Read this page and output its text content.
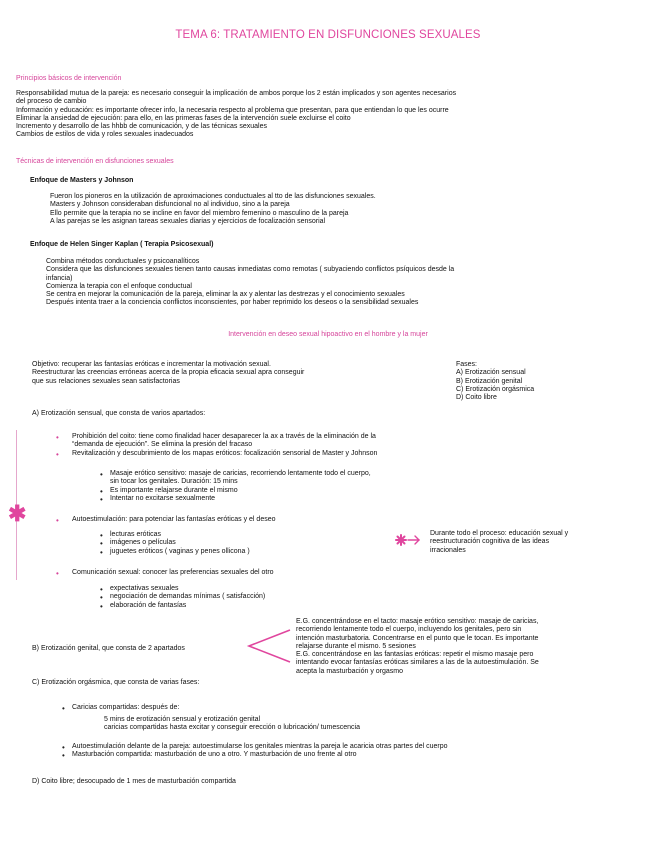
TEMA 6: TRATAMIENTO EN DISFUNCIONES SEXUALES
Principios básicos de intervención
Responsabilidad mutua de la pareja: es necesario conseguir la implicación de ambos porque los 2 están implicados y son agentes necesarios
del proceso de cambio
Información y educación: es importante ofrecer info, la necesaria respecto al problema que presentan, para que entiendan lo que les ocurre
Eliminar la ansiedad de ejecución: para ello, en las primeras fases de la intervención suele excluirse el coito
Incremento y desarrollo de las hhbb de comunicación, y de las técnicas sexuales
Cambios de estilos de vida y roles sexuales inadecuados
Técnicas de intervención en disfunciones sexuales
Enfoque de Masters y Johnson
Fueron los pioneros en la utilización de aproximaciones conductuales al tto de las disfunciones sexuales.
Masters y Johnson consideraban disfuncional no al individuo, sino a la pareja
Ello permite que la terapia no se incline en favor del miembro femenino o masculino de la pareja
A las parejas se les asignan tareas sexuales diarias y ejercicios de focalización sensorial
Enfoque de Helen Singer Kaplan ( Terapia Psicosexual)
Combina métodos conductuales y psicoanalíticos
Considera que las disfunciones sexuales tienen tanto causas inmediatas como remotas ( subyaciendo conflictos psíquicos desde la
infancia)
Comienza la terapia con el enfoque conductual
Se centra en mejorar la comunicación de la pareja, eliminar la ax y alentar las destrezas y el conocimiento sexuales
Después intenta traer a la conciencia conflictos inconscientes, por haber reprimido los deseos o la sensibilidad sexuales
Intervención en deseo sexual hipoactivo en el hombre y la mujer
Objetivo: recuperar las fantasías eróticas e incrementar la motivación sexual.
Reestructurar las creencias erróneas acerca de la propia eficacia sexual apra conseguir
que sus relaciones sexuales sean satisfactorias
Fases:
A) Erotización sensual
B) Erotización genital
C) Erotización orgásmica
D) Coito libre
A) Erotización sensual, que consta de varios apartados:
✱
• Prohibición del coito: tiene como finalidad hacer desaparecer la ax a través de la eliminación de la
“demanda de ejecución”. Se elimina la presión del fracaso
• Revitalización y descubrimiento de los mapas eróticos: focalización sensorial de Master y Johnson
• Masaje erótico sensitivo: masaje de caricias, recorriendo lentamente todo el cuerpo,
sin tocar los genitales. Duración: 15 mins
• Es importante relajarse durante el mismo
• Intentar no excitarse sexualmente
• Autoestimulación: para potenciar las fantasías eróticas y el deseo
• lecturas eróticas
• imágenes o películas
• juguetes eróticos ( vaginas y penes ollicona )
Durante todo el proceso: educación sexual y
reestructuración cognitiva de las ideas
irracionales
• Comunicación sexual: conocer las preferencias sexuales del otro
• expectativas sexuales
• negociación de demandas mínimas ( satisfacción)
• elaboración de fantasías
B) Erotización genital, que consta de 2 apartados
E.G. concentrándose en el tacto: masaje erótico sensitivo: masaje de caricias,
recorriendo lentamente todo el cuerpo, incluyendo los genitales, pero sin
intención masturbatoria. Concentrarse en el punto que le tocan. Es importante
relajarse durante el mismo. 5 sesiones
E.G. concentrándose en las fantasías eróticas: repetir el mismo masaje pero
intentando evocar fantasías eróticas similares a las de la autoestimulación. Se
acepta la masturbación y orgasmo
C) Erotización orgásmica, que consta de varias fases:
• Caricias compartidas: después de:
5 mins de erotización sensual y erotización genital
caricias compartidas hasta excitar y conseguir erección o lubricación/ tumescencia
• Autoestimulación delante de la pareja: autoestimularse los genitales mientras la pareja le acaricia otras partes del cuerpo
• Masturbación compartida: masturbación de uno a otro. Y masturbación de uno frente al otro
D) Coito libre; desocupado de 1 mes de masturbación compartida
